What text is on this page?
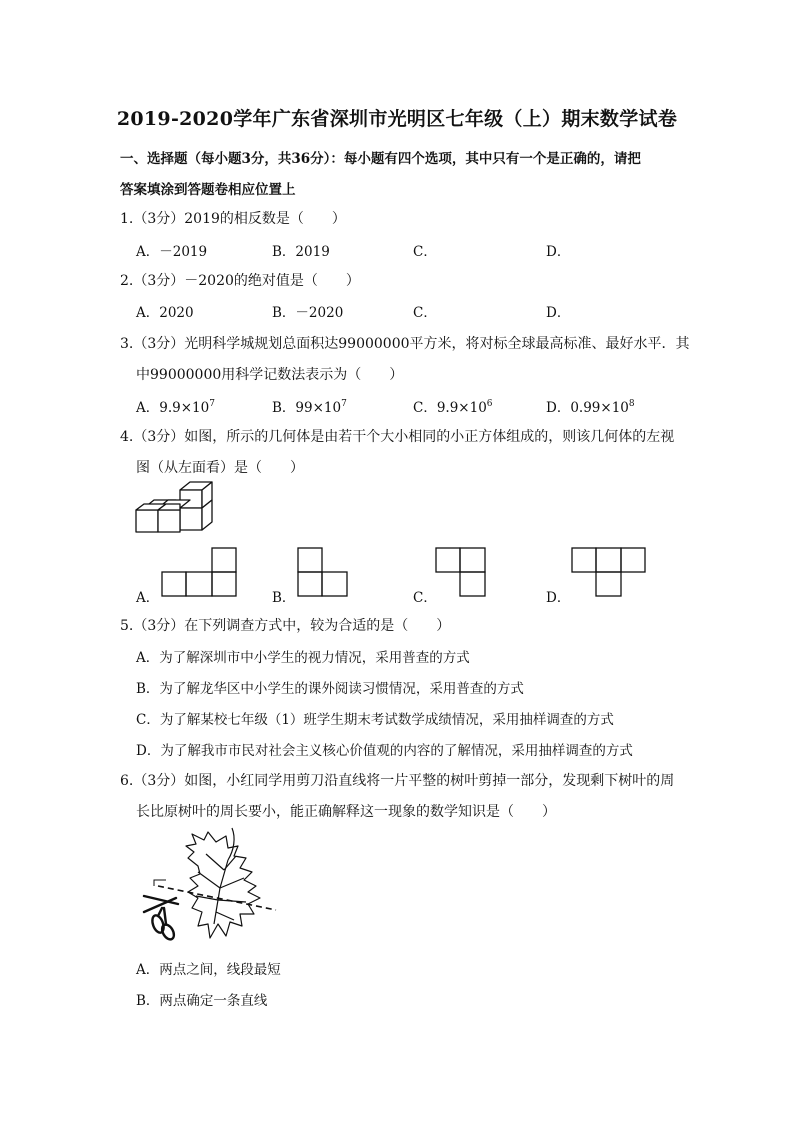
2019-2020学年广东省深圳市光明区七年级（上）期末数学试卷
一、选择题（每小题3分，共36分）：每小题有四个选项，其中只有一个是正确的，请把
答案填涂到答题卷相应位置上
1.（3分）2019的相反数是（　　）
A．－2019	B．2019	C．	D．
2.（3分）－2020的绝对值是（　　）
A．2020	B．－2020	C．	D．
3.（3分）光明科学城规划总面积达99000000平方米，将对标全球最高标准、最好水平．其
中99000000用科学记数法表示为（　　）
A．$9.9\times 10^7$	B．$99\times 10^7$	C．$9.9\times 10^6$	D．$0.99\times 10^8$
4.（3分）如图，所示的几何体是由若干个大小相同的小正方体组成的，则该几何体的左视
图（从左面看）是（　　）
A．	B．	C．	D．
5.（3分）在下列调查方式中，较为合适的是（　　）
A．为了解深圳市中小学生的视力情况，采用普查的方式
B．为了解龙华区中小学生的课外阅读习惯情况，采用普查的方式
C．为了解某校七年级（1）班学生期末考试数学成绩情况，采用抽样调查的方式
D．为了解我市市民对社会主义核心价值观的内容的了解情况，采用抽样调查的方式
6.（3分）如图，小红同学用剪刀沿直线将一片平整的树叶剪掉一部分，发现剩下树叶的周
长比原树叶的周长要小，能正确解释这一现象的数学知识是（　　）
A．两点之间，线段最短
B．两点确定一条直线
